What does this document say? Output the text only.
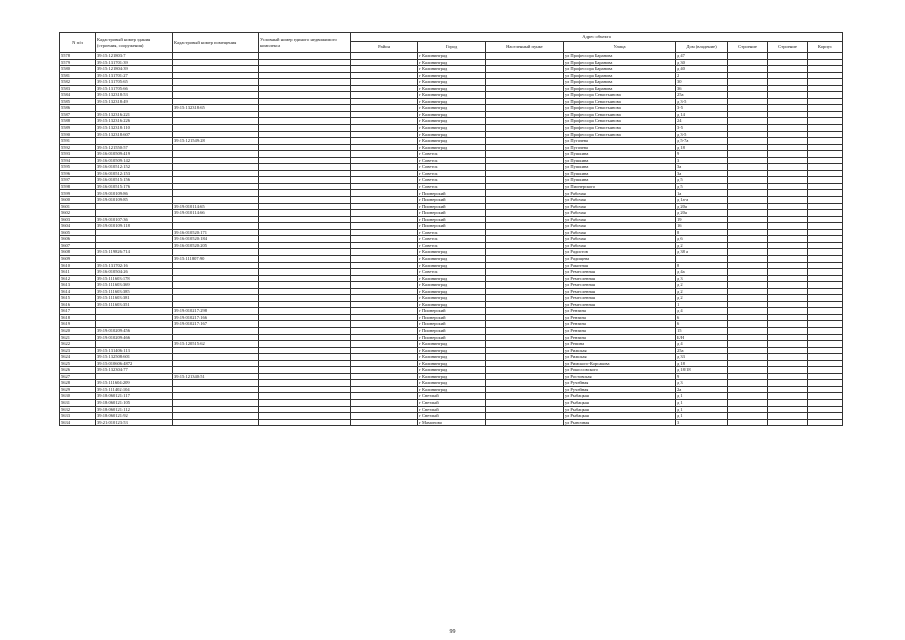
N п/п	Кадастровый номер здания (строения, сооружения)	Кадастровый номер помещения	Условный номер единого недвижимого комплекса	Адрес объекта							
				Район	Город	Населенный пункт	Улица	Дом (владение)	Строение	Строение	Корпус
5578	39:15:121803:7				г Калининград		ул Профессора Баранова	д 47			
5579	39:15:131701:39				г Калининград		ул Профессора Баранова	д 30			
5580	39:15:121804:39				г Калининград		ул Профессора Баранова	д 40			
5581	39:15:131701:27				г Калининград		ул Профессора Баранова	2			
5582	39:15:131705:65				г Калининград		ул Профессора Баранова	30			
5583	39:15:131705:66				г Калининград		ул Профессора Баранова	36			
5584	39:15:132318:53				г Калининград		ул Профессора Севастьянова	25а			
5585	39:15:132318:49				г Калининград		ул Профессора Севастьянова	д 3-5			
5586		39:15:132318:65			г Калининград		ул Профессора Севастьянова	3-5			
5587	39:15:132316:221				г Калининград		ул Профессора Севастьянова	д 14			
5588	39:15:132316:226				г Калининград		ул Профессора Севастьянова	24			
5589	39:15:132318:110				г Калининград		ул Профессора Севастьянова	3-5			
5590	39:15:132318:607				г Калининград		ул Профессора Севастьянова	д 3-5			
5591		39:15:121549:28			г Калининград		ул Пугачева	д 5-7а			
5592	39:15:121550:57				г Калининград		ул Пугачева	д 18			
5593	39:16:010509:419				г Советск		ул Пушкина	9			
5594	39:16:010509:142				г Советск		ул Пушкина	3			
5595	39:16:010512:152				г Советск		ул Пушкина	3а			
5596	39:16:010512:153				г Советск		ул Пушкина	3а			
5597	39:16:010515:156				г Советск		ул Пушкина	д 5			
5598	39:16:010515:176				г Советск		ул Пионерского	д 5			
5599	39:19:010109:86				г Пионерский		ул Рабочая	1а			
5600	39:19:010109:85				г Пионерский		ул Рабочая	д 1а-а			
5601		39:19:010114:65			г Пионерский		ул Рабочая	д 20а			
5602		39:19:010114:66			г Пионерский		ул Рабочая	д 20а			
5603	39:19:010107:36				г Пионерский		ул Рабочая	19			
5604	39:19:010109:118				г Пионерский		ул Рабочая	16			
5605		39:16:010520:171			г Советск		ул Рабочая	8			
5606		39:16:010520:184			г Советск		ул Рабочая	д 6			
5607		39:16:010520:205			г Советск		ул Рабочая	д 2			
5608	39:15:119826:714				г Калининград		ул Радистов	д 38 а			
5609		39:15:111807:90			г Калининград		ул Радищева				
5610	39:15:131702:16				г Калининград		ул Ракитная	8			
5611	39:16:010504:26				г Советск		ул Ремесленная	д 4а			
5612	39:15:111603:178				г Калининград		ул Ремесленная	д 3			
5613	39:15:111603:369				г Калининград		ул Ремесленная	д 2			
5614	39:15:111603:385				г Калининград		ул Ремесленная	д 2			
5615	39:15:111603:381				г Калининград		ул Ремесленная	д 2			
5616	39:15:111603:351				г Калининград		ул Ремесленная	1			
5617		39:19:010217:298			г Пионерский		ул Рензина	д 4			
5618		39:19:010217:166			г Пионерский		ул Рензина	6			
5619		39:19:010217:167			г Пионерский		ул Рензина	6			
5620	39:19:010209:456				г Пионерский		ул Рензина	15			
5621	39:19:010209:466				г Пионерский		ул Рензина	Б/Н			
5622		39:15:120515:62			г Калининград		ул Репина	д 4			
5623	39:15:131406:113				г Калининград		ул Рижская	25а			
5624	39:15:132508:601				г Калининград		ул Рижская	д 33			
5625	39:15:010606:4872				г Калининград		ул Римского-Корсакова	д 18			
5626	39:15:132304:77				г Калининград		ул Рокоссовского	д 18/18			
5627		39:15:121340:51			г Калининград		ул Ростовская	9			
5628	39:15:111604:209				г Калининград		ул Ручейная	д 3			
5629	39:15:111402:104				г Калининград		ул Ручейная	2а			
5630	39:18:060121:117				г Светлый		ул Рыбацкая	д 1			
5631	39:18:060121:105				г Светлый		ул Рыбацкая	д 1			
5632	39:18:060121:112				г Светлый		ул Рыбацкая	д 1			
5633	39:18:060121:92				г Светлый		ул Рыбацкая	д 1			
5634	39:21:010123:53				г Мамоново		ул Рыночная	3			
99
